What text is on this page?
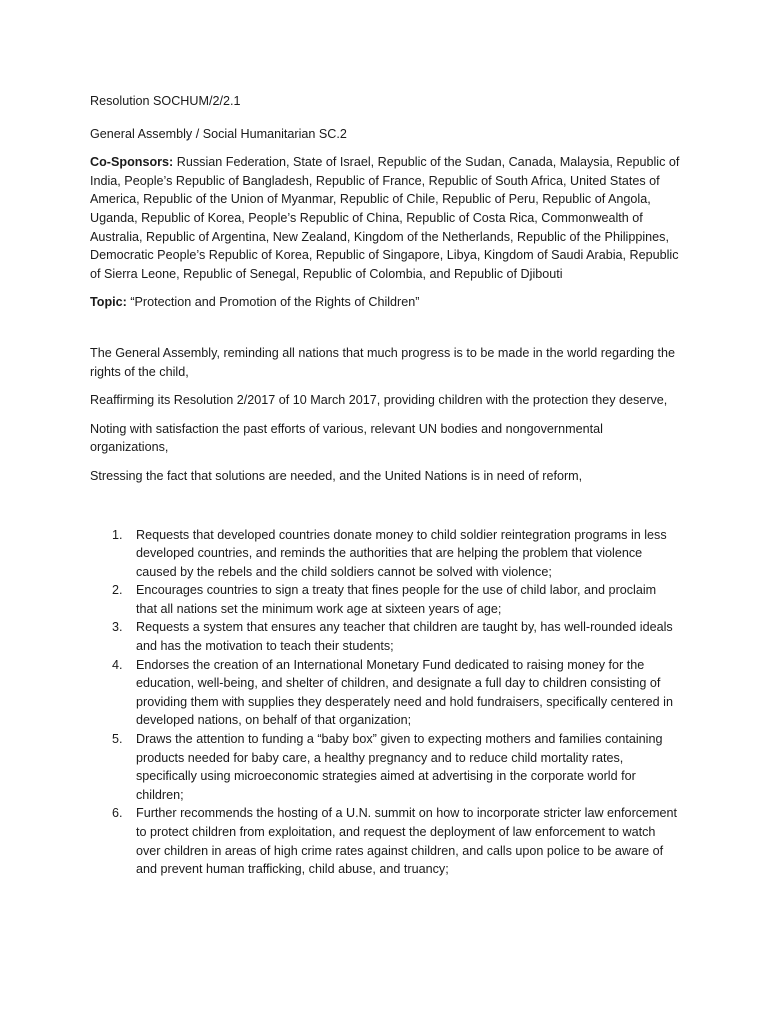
Resolution SOCHUM/2/2.1

General Assembly / Social Humanitarian SC.2

Co-Sponsors: Russian Federation, State of Israel, Republic of the Sudan, Canada, Malaysia, Republic of India, People’s Republic of Bangladesh, Republic of France, Republic of South Africa, United States of America, Republic of the Union of Myanmar, Republic of Chile, Republic of Peru, Republic of Angola, Uganda, Republic of Korea, People’s Republic of China, Republic of Costa Rica, Commonwealth of Australia, Republic of Argentina, New Zealand, Kingdom of the Netherlands, Republic of the Philippines, Democratic People’s Republic of Korea, Republic of Singapore, Libya, Kingdom of Saudi Arabia, Republic of Sierra Leone, Republic of Senegal, Republic of Colombia, and Republic of Djibouti

Topic: “Protection and Promotion of the Rights of Children”

The General Assembly, reminding all nations that much progress is to be made in the world regarding the rights of the child,

Reaffirming its Resolution 2/2017 of 10 March 2017, providing children with the protection they deserve,

Noting with satisfaction the past efforts of various, relevant UN bodies and nongovernmental organizations,

Stressing the fact that solutions are needed, and the United Nations is in need of reform,

1. Requests that developed countries donate money to child soldier reintegration programs in less developed countries, and reminds the authorities that are helping the problem that violence caused by the rebels and the child soldiers cannot be solved with violence;
2. Encourages countries to sign a treaty that fines people for the use of child labor, and proclaim that all nations set the minimum work age at sixteen years of age;
3. Requests a system that ensures any teacher that children are taught by, has well-rounded ideals and has the motivation to teach their students;
4. Endorses the creation of an International Monetary Fund dedicated to raising money for the education, well-being, and shelter of children, and designate a full day to children consisting of providing them with supplies they desperately need and hold fundraisers, specifically centered in developed nations, on behalf of that organization;
5. Draws the attention to funding a “baby box” given to expecting mothers and families containing products needed for baby care, a healthy pregnancy and to reduce child mortality rates, specifically using microeconomic strategies aimed at advertising in the corporate world for children;
6. Further recommends the hosting of a U.N. summit on how to incorporate stricter law enforcement to protect children from exploitation, and request the deployment of law enforcement to watch over children in areas of high crime rates against children, and calls upon police to be aware of and prevent human trafficking, child abuse, and truancy;
